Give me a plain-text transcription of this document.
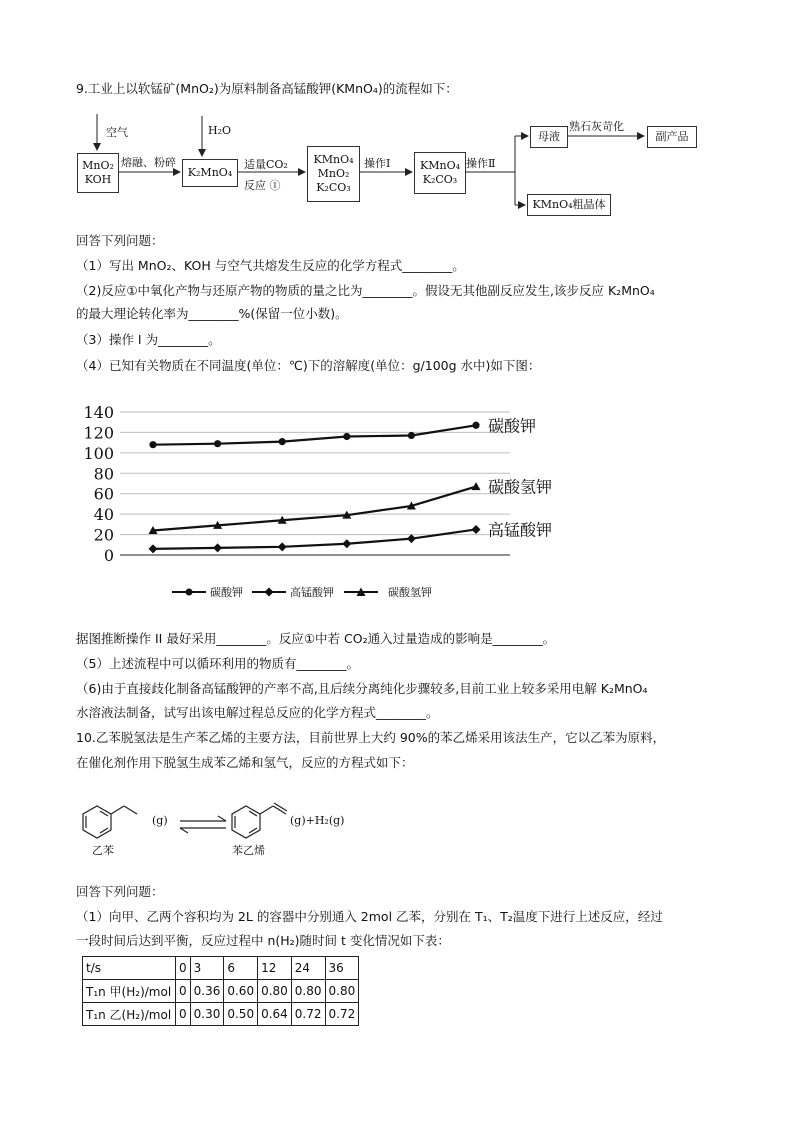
9.工业上以软锰矿(MnO₂)为原料制备高锰酸钾(KMnO₄)的流程如下：
空气	H₂O
MnO₂
KOH
熔融、粉碎
K₂MnO₄
适量CO₂
反应 ①
KMnO₄
MnO₂
K₂CO₃
操作Ⅰ	KMnO₄
K₂CO₃
操作Ⅱ
母液
熟石灰苛化
副产品
KMnO₄粗晶体
回答下列问题：
（1）写出 MnO₂、KOH 与空气共熔发生反应的化学方程式________。
（2)反应①中氧化产物与还原产物的物质的量之比为________。假设无其他副反应发生,该步反应 K₂MnO₄
的最大理论转化率为________%(保留一位小数)。
（3）操作 I 为________。
（4）已知有关物质在不同温度(单位：℃)下的溶解度(单位：g/100g 水中)如下图：
0
20
40
60
80
100
120
140
碳酸钾
碳酸氢钾
高锰酸钾
碳酸钾	高锰酸钾	碳酸氢钾
据图推断操作 II 最好采用________。反应①中若 CO₂通入过量造成的影响是________。
（5）上述流程中可以循环利用的物质有________。
（6)由于直接歧化制备高锰酸钾的产率不高,且后续分离纯化步骤较多,目前工业上较多采用电解 K₂MnO₄
水溶液法制备，试写出该电解过程总反应的化学方程式________。
10.乙苯脱氢法是生产苯乙烯的主要方法，目前世界上大约 90%的苯乙烯采用该法生产，它以乙苯为原料，
在催化剂作用下脱氢生成苯乙烯和氢气，反应的方程式如下：
乙苯
(g)
苯乙烯
(g)+H₂(g)
回答下列问题：
（1）向甲、乙两个容积均为 2L 的容器中分别通入 2mol 乙苯，分别在 T₁、T₂温度下进行上述反应，经过
一段时间后达到平衡，反应过程中 n(H₂)随时间 t 变化情况如下表：
t/s	0	3	6	12	24	36
T₁n 甲(H₂)/mol	0	0.36	0.60	0.80	0.80	0.80
T₁n 乙(H₂)/mol	0	0.30	0.50	0.64	0.72	0.72
